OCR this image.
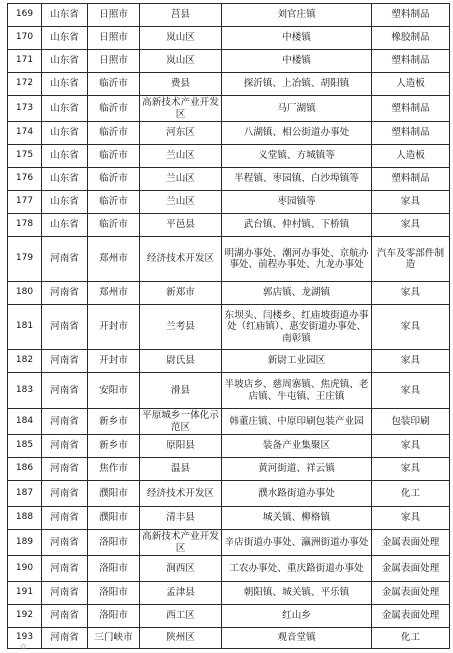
169	山东省	日照市	莒县	刘官庄镇	塑料制品
170	山东省	日照市	岚山区	中楼镇	橡胶制品
171	山东省	日照市	岚山区	中楼镇	塑料制品
172	山东省	临沂市	费县	探沂镇、上冶镇、胡阳镇	人造板
173	山东省	临沂市	高新技术产业开发区	马厂湖镇	塑料制品
174	山东省	临沂市	河东区	八湖镇、相公街道办事处	塑料制品
175	山东省	临沂市	兰山区	义堂镇、方城镇等	人造板
176	山东省	临沂市	兰山区	半程镇、枣园镇、白沙埠镇等	塑料制品
177	山东省	临沂市	兰山区	枣园镇等	家具
178	山东省	临沂市	平邑县	武台镇、仲村镇、下桥镇	家具
179	河南省	郑州市	经济技术开发区	明湖办事处、潮河办事处、京航办事处、前程办事处、九龙办事处	汽车及零部件制造
180	河南省	郑州市	新郑市	郭店镇、龙湖镇	家具
181	河南省	开封市	兰考县	东坝头、闫楼乡、红庙坡街道办事处（红庙镇）、惠安街道办事处、南彰镇	家具
182	河南省	开封市	尉氏县	新尉工业园区	家具
183	河南省	安阳市	滑县	半坡店乡、慈周寨镇、焦虎镇、老店镇、牛屯镇、王庄镇	家具
184	河南省	新乡市	平原城乡一体化示范区	韩董庄镇、中原印刷包装产业园	包装印刷
185	河南省	新乡市	原阳县	装备产业集聚区	家具
186	河南省	焦作市	温县	黄河街道、祥云镇	家具
187	河南省	濮阳市	经济技术开发区	濮水路街道办事处	化工
188	河南省	濮阳市	清丰县	城关镇、柳格镇	家具
189	河南省	洛阳市	高新技术产业开发区	辛店街道办事处、瀛洲街道办事处	金属表面处理
190	河南省	洛阳市	涧西区	工农办事处、重庆路街道办事处	金属表面处理
191	河南省	洛阳市	孟津县	朝阳镇、城关镇、平乐镇	金属表面处理
192	河南省	洛阳市	西工区	红山乡	金属表面处理
193	河南省	三门峡市	陕州区	观音堂镇	化工
✿
